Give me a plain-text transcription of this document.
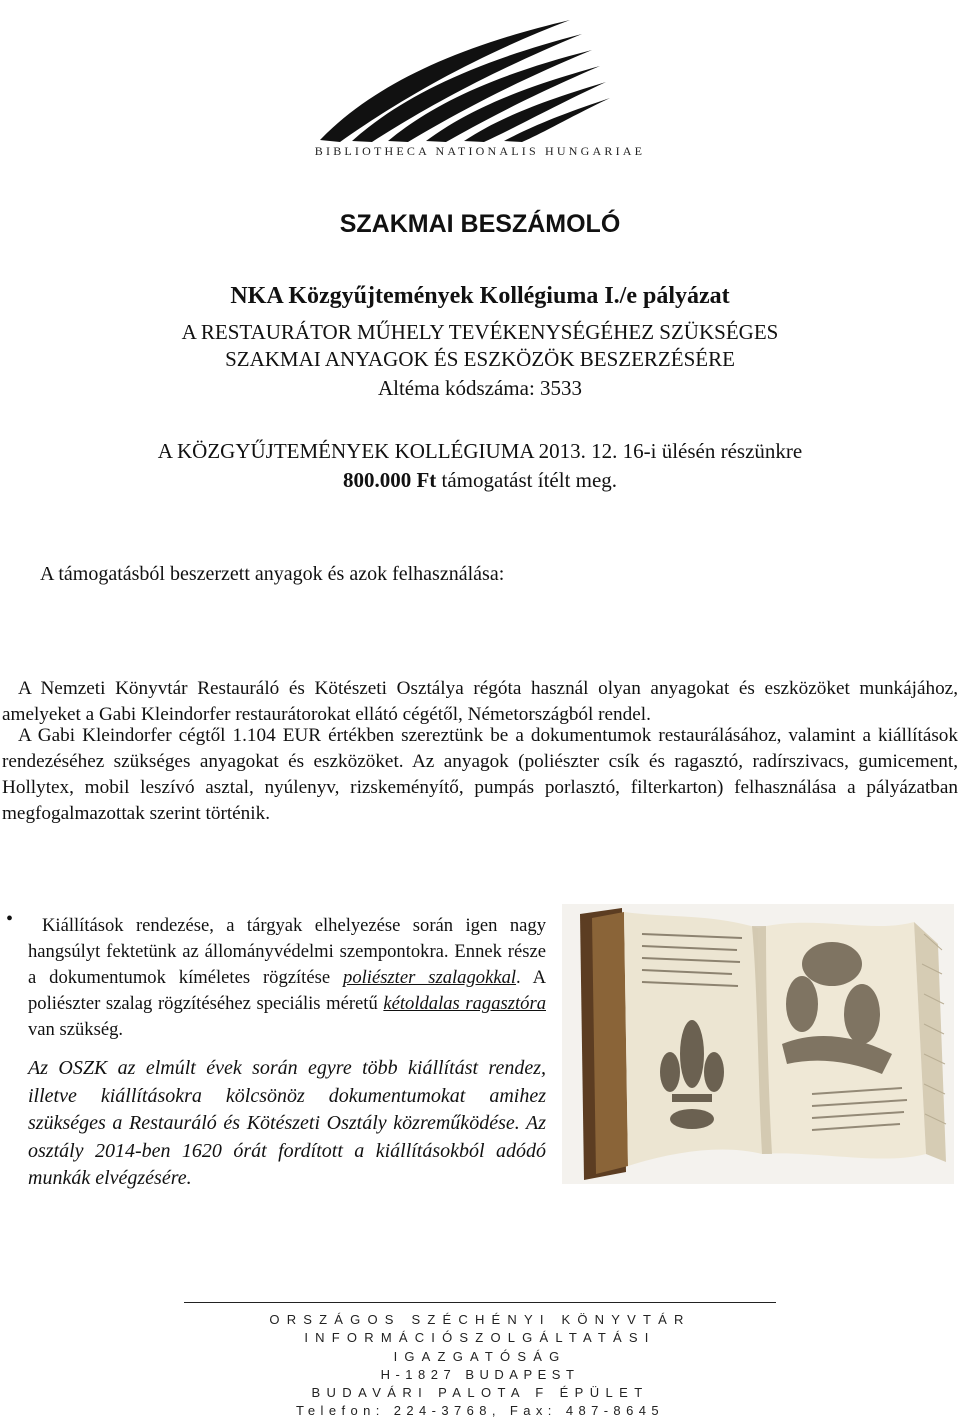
BIBLIOTHECA NATIONALIS HUNGARIAE
SZAKMAI BESZÁMOLÓ
NKA Közgyűjtemények Kollégiuma I./e pályázat
A RESTAURÁTOR MŰHELY TEVÉKENYSÉGÉHEZ SZÜKSÉGES
SZAKMAI ANYAGOK ÉS ESZKÖZÖK BESZERZÉSÉRE
Altéma kódszáma: 3533
A KÖZGYŰJTEMÉNYEK KOLLÉGIUMA 2013. 12. 16-i ülésén részünkre
800.000 Ft támogatást ítélt meg.
A támogatásból beszerzett anyagok és azok felhasználása:
A Nemzeti Könyvtár Restauráló és Kötészeti Osztálya régóta használ olyan anyagokat és eszközöket munkájához, amelyeket a Gabi Kleindorfer restaurátorokat ellátó cégétől, Németországból rendel.
A Gabi Kleindorfer cégtől 1.104 EUR értékben szereztünk be a dokumentumok restaurálásához, valamint a kiállítások rendezéséhez szükséges anyagokat és eszközöket. Az anyagok (poliészter csík és ragasztó, radírszivacs, gumicement, Hollytex, mobil leszívó asztal, nyúlenyv, rizskeményítő, pumpás porlasztó, filterkarton) felhasználása a pályázatban megfogalmazottak szerint történik.
•	Kiállítások rendezése, a tárgyak elhelyezése során igen nagy hangsúlyt fektetünk az állományvédelmi szempontokra. Ennek része a dokumentumok kíméletes rögzítése poliészter szalagokkal. A poliészter szalag rögzítéséhez speciális méretű kétoldalas ragasztóra van szükség.
Az OSZK az elmúlt évek során egyre több kiállítást rendez, illetve kiállításokra kölcsönöz dokumentumokat amihez szükséges a Restauráló és Kötészeti Osztály közreműködése. Az osztály 2014-ben 1620 órát fordított a kiállításokból adódó munkák elvégzésére.
ORSZÁGOS SZÉCHÉNYI KÖNYVTÁR
INFORMÁCIÓSZOLGÁLTATÁSI
IGAZGATÓSÁG
H-1827 BUDAPEST
BUDAVÁRI PALOTA F ÉPÜLET
Telefon: 224-3768, Fax: 487-8645
